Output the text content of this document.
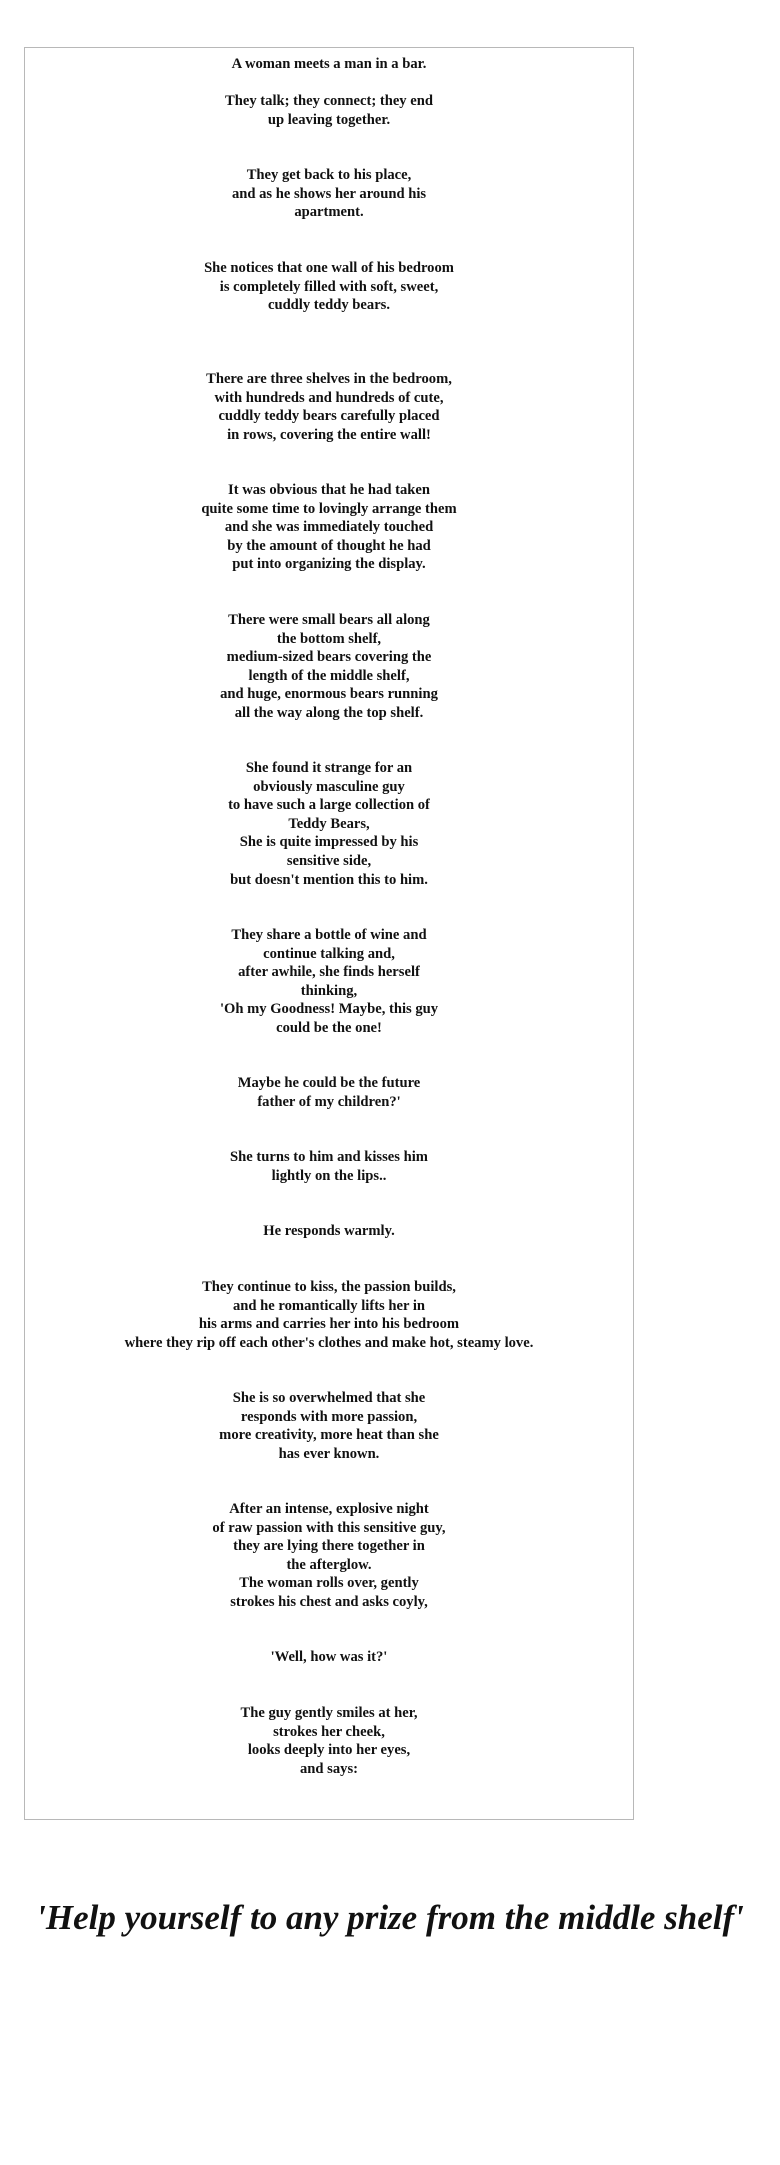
A woman meets a man in a bar.
They talk; they connect; they end
up leaving together.
They get back to his place,
and as he shows her around his
apartment.
She notices that one wall of his bedroom
is completely filled with soft, sweet,
cuddly teddy bears.
There are three shelves in the bedroom,
with hundreds and hundreds of cute,
cuddly teddy bears carefully placed
in rows, covering the entire wall!
It was obvious that he had taken
quite some time to lovingly arrange them
and she was immediately touched
by the amount of thought he had
put into organizing the display.
There were small bears all along
the bottom shelf,
medium-sized bears covering the
length of the middle shelf,
and huge, enormous bears running
all the way along the top shelf.
She found it strange for an
obviously masculine guy
to have such a large collection of
Teddy Bears,
She is quite impressed by his
sensitive side,
but doesn't mention this to him.
They share a bottle of wine and
continue talking and,
after awhile, she finds herself
thinking,
'Oh my Goodness! Maybe, this guy
could be the one!
Maybe he could be the future
father of my children?'
She turns to him and kisses him
lightly on the lips..
He responds warmly.
They continue to kiss, the passion builds,
and he romantically lifts her in
his arms and carries her into his bedroom
where they rip off each other's clothes and make hot, steamy love.
She is so overwhelmed that she
responds with more passion,
more creativity, more heat than she
has ever known.
After an intense, explosive night
of raw passion with this sensitive guy,
they are lying there together in
the afterglow.
The woman rolls over, gently
strokes his chest and asks coyly,
'Well, how was it?'
The guy gently smiles at her,
strokes her cheek,
looks deeply into her eyes,
and says:

'Help yourself to any prize from the middle shelf'
